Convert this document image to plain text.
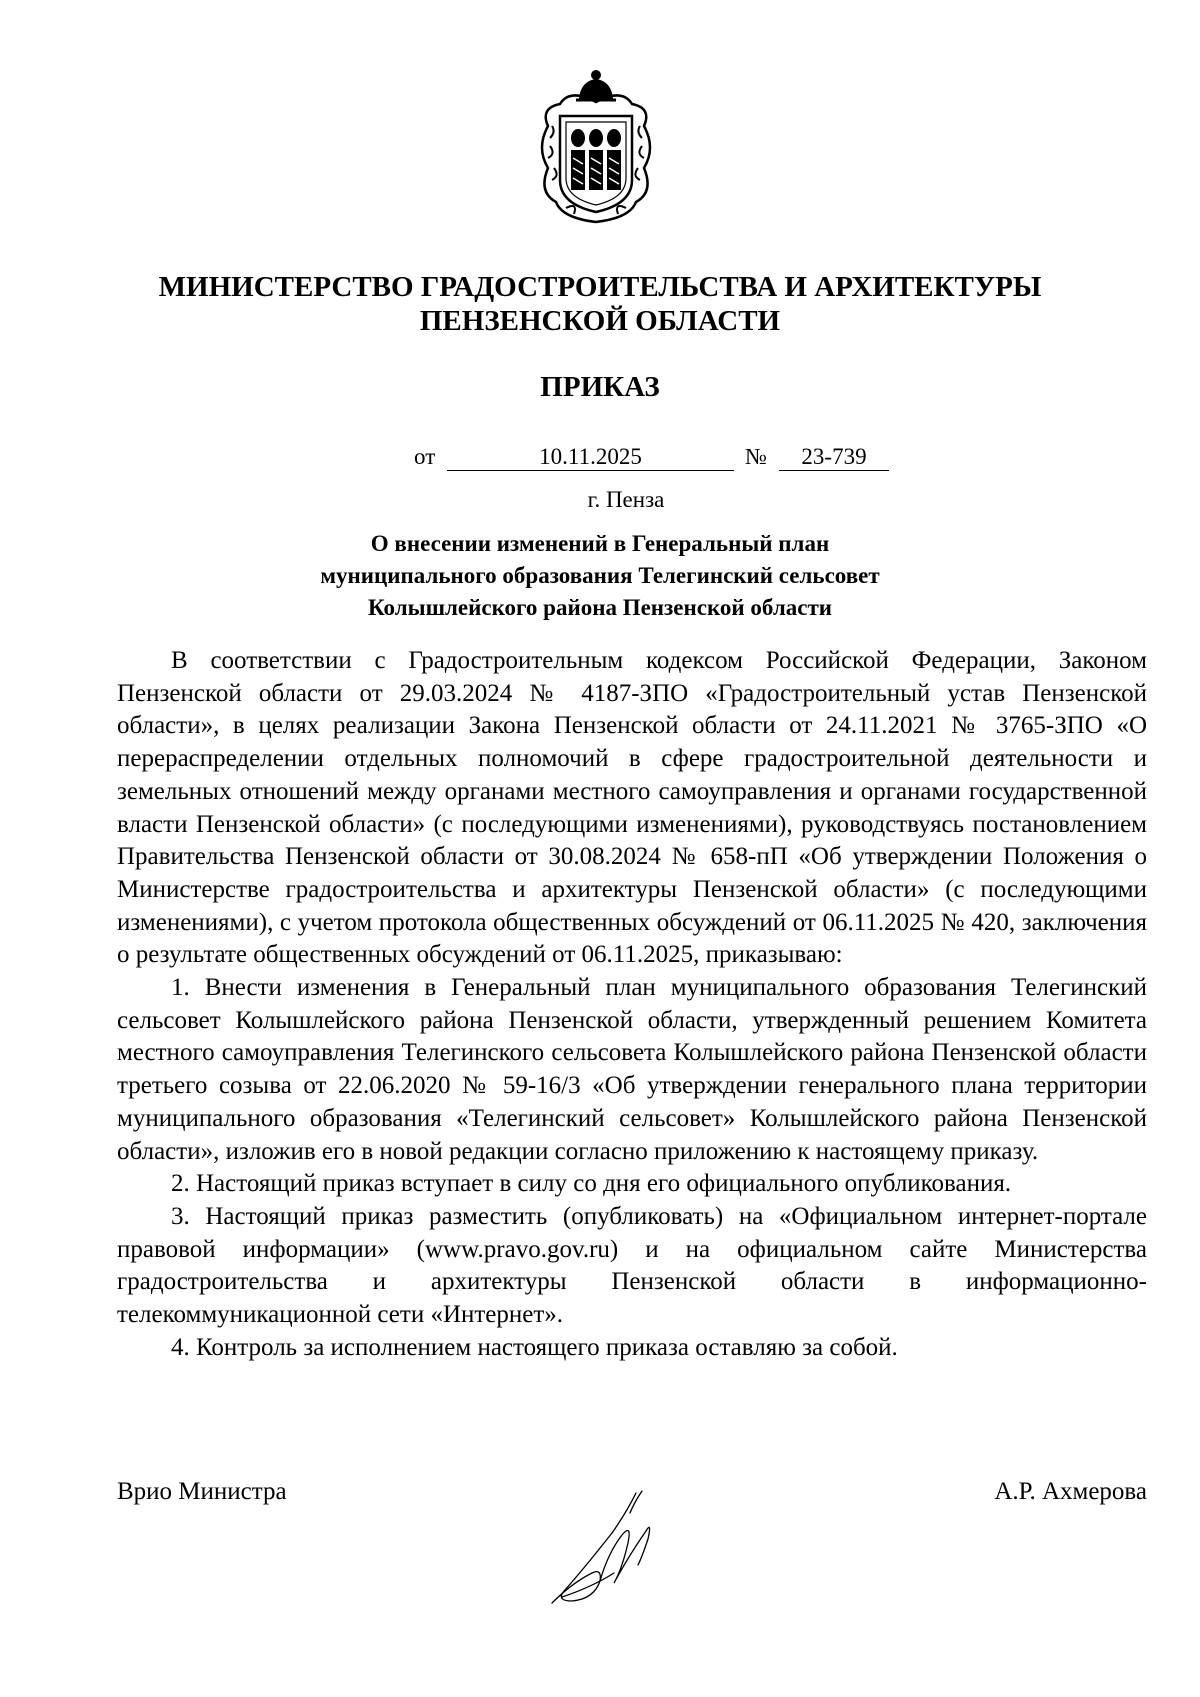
МИНИСТЕРСТВО ГРАДОСТРОИТЕЛЬСТВА И АРХИТЕКТУРЫ
ПЕНЗЕНСКОЙ ОБЛАСТИ
ПРИКАЗ
от	10.11.2025	№	23-739
г. Пенза
О внесении изменений в Генеральный план
муниципального образования Телегинский сельсовет
Колышлейского района Пензенской области

В соответствии с Градостроительным кодексом Российской Федерации, Законом Пензенской области от 29.03.2024 № 4187-ЗПО «Градостроительный устав Пензенской области», в целях реализации Закона Пензенской области от 24.11.2021 № 3765-ЗПО «О перераспределении отдельных полномочий в сфере градостроительной деятельности и земельных отношений между органами местного самоуправления и органами государственной власти Пензенской области» (с последующими изменениями), руководствуясь постановлением Правительства Пензенской области от 30.08.2024 № 658-пП «Об утверждении Положения о Министерстве градостроительства и архитектуры Пензенской области» (с последующими изменениями), с учетом протокола общественных обсуждений от 06.11.2025 № 420, заключения о результате общественных обсуждений от 06.11.2025, приказываю:

1. Внести изменения в Генеральный план муниципального образования Телегинский сельсовет Колышлейского района Пензенской области, утвержденный решением Комитета местного самоуправления Телегинского сельсовета Колышлейского района Пензенской области третьего созыва от 22.06.2020 № 59-16/3 «Об утверждении генерального плана территории муниципального образования «Телегинский сельсовет» Колышлейского района Пензенской области», изложив его в новой редакции согласно приложению к настоящему приказу.

2. Настоящий приказ вступает в силу со дня его официального опубликования.

3. Настоящий приказ разместить (опубликовать) на «Официальном интернет-портале правовой информации» (www.pravo.gov.ru) и на официальном сайте Министерства градостроительства и архитектуры Пензенской области в информационно-телекоммуникационной сети «Интернет».

4. Контроль за исполнением настоящего приказа оставляю за собой.

Врио Министра	А.Р. Ахмерова
